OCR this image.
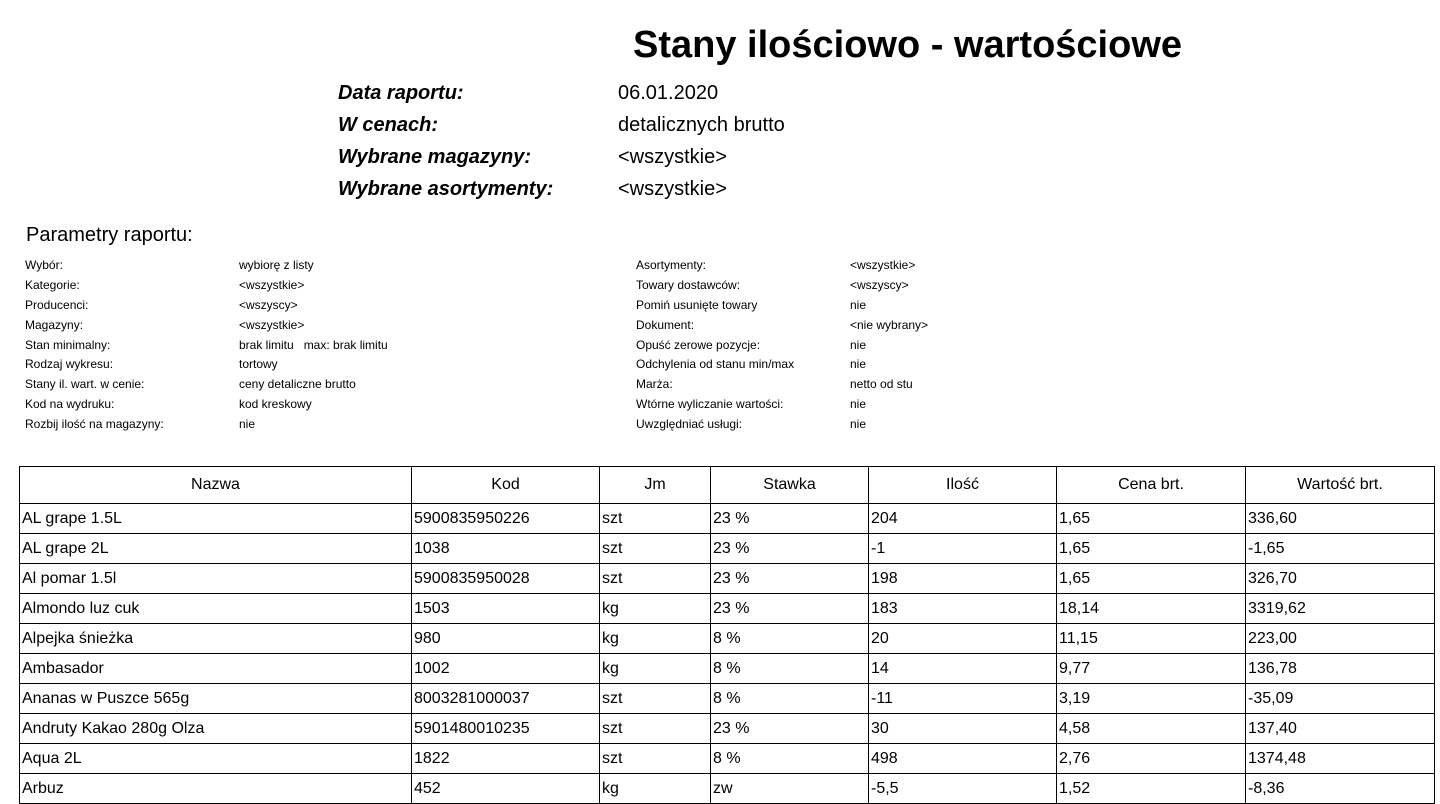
Stany ilościowo - wartościowe
Data raportu:	06.01.2020
W cenach:	detalicznych brutto
Wybrane magazyny:	<wszystkie>
Wybrane asortymenty:	<wszystkie>
Parametry raportu:
Wybór:	wybiorę z listy
Kategorie:	<wszystkie>
Producenci:	<wszyscy>
Magazyny:	<wszystkie>
Stan minimalny:	brak limitu max: brak limitu
Rodzaj wykresu:	tortowy
Stany il. wart. w cenie:	ceny detaliczne brutto
Kod na wydruku:	kod kreskowy
Rozbij ilość na magazyny:	nie
Asortymenty:	<wszystkie>
Towary dostawców:	<wszyscy>
Pomiń usunięte towary	nie
Dokument:	<nie wybrany>
Opuść zerowe pozycje:	nie
Odchylenia od stanu min/max	nie
Marża:	netto od stu
Wtórne wyliczanie wartości:	nie
Uwzględniać usługi:	nie
Nazwa	Kod	Jm	Stawka	Ilość	Cena brt.	Wartość brt.
AL grape 1.5L	5900835950226	szt	23 %	204	1,65	336,60
AL grape 2L	1038	szt	23 %	-1	1,65	-1,65
Al pomar 1.5l	5900835950028	szt	23 %	198	1,65	326,70
Almondo luz cuk	1503	kg	23 %	183	18,14	3319,62
Alpejka śnieżka	980	kg	8 %	20	11,15	223,00
Ambasador	1002	kg	8 %	14	9,77	136,78
Ananas w Puszce 565g	8003281000037	szt	8 %	-11	3,19	-35,09
Andruty Kakao 280g Olza	5901480010235	szt	23 %	30	4,58	137,40
Aqua 2L	1822	szt	8 %	498	2,76	1374,48
Arbuz	452	kg	zw	-5,5	1,52	-8,36
